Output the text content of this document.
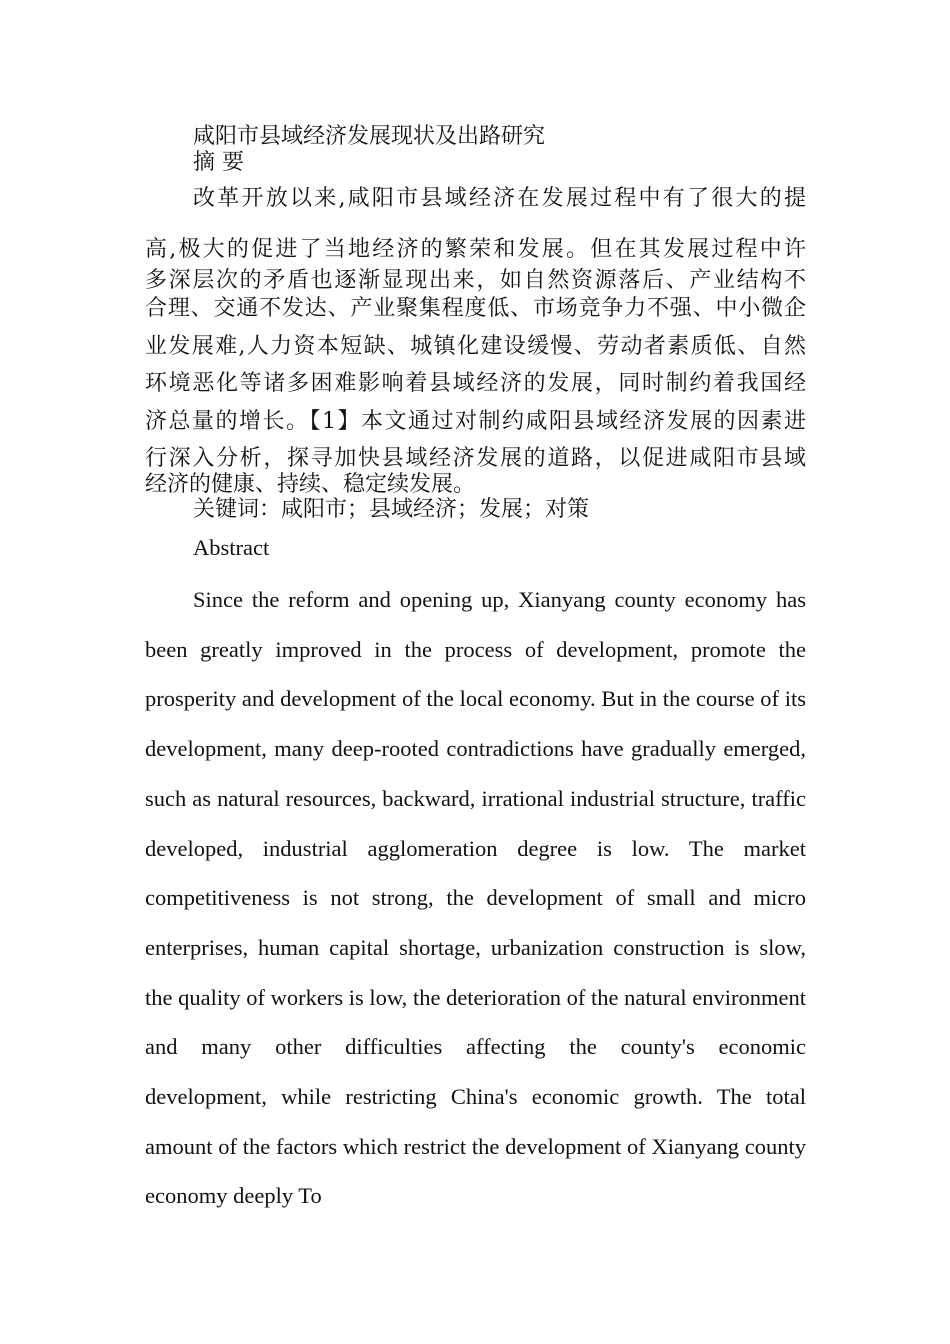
咸阳市县域经济发展现状及出路研究
摘 要
改革开放以来,咸阳市县域经济在发展过程中有了很大的提
高,极大的促进了当地经济的繁荣和发展。但在其发展过程中许
多深层次的矛盾也逐渐显现出来，如自然资源落后、产业结构不
合理、交通不发达、产业聚集程度低、市场竞争力不强、中小微企
业发展难,人力资本短缺、城镇化建设缓慢、劳动者素质低、自然
环境恶化等诸多困难影响着县域经济的发展，同时制约着我国经
济总量的增长。【1】本文通过对制约咸阳县域经济发展的因素进
行深入分析，探寻加快县域经济发展的道路，以促进咸阳市县域
经济的健康、持续、稳定续发展。
关键词：咸阳市；县域经济；发展；对策
Abstract

Since the reform and opening up, Xianyang county economy has been greatly improved in the process of development, promote the prosperity and development of the local economy. But in the course of its development, many deep-rooted contradictions have gradually emerged, such as natural resources, backward, irrational industrial structure, traffic developed, industrial agglomeration degree is low. The market competitiveness is not strong, the development of small and micro enterprises, human capital shortage, urbanization construction is slow, the quality of workers is low, the deterioration of the natural environment and many other difficulties affecting the county's economic development, while restricting China's economic growth. The total amount of the factors which restrict the development of Xianyang county economy deeply To
